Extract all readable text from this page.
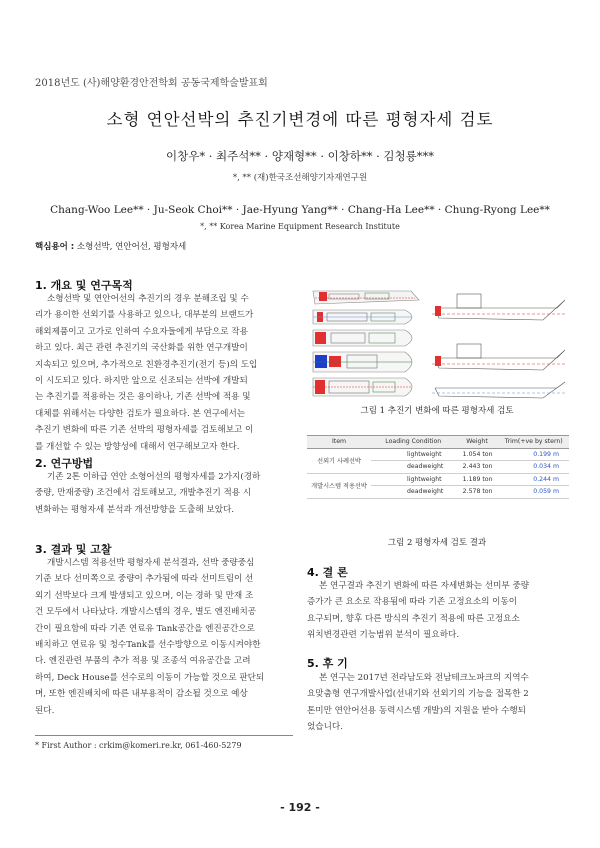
2018년도 (사)해양환경안전학회 공동국제학술발표회
소형 연안선박의 추진기변경에 따른 평형자세 검토
이창우* · 최주석** · 양재형** · 이창하** · 김청룡***
*, ** (재)한국조선해양기자재연구원
Chang-Woo Lee** · Ju-Seok Choi** · Jae-Hyung Yang** · Chang-Ha Lee** · Chung-Ryong Lee**
*, ** Korea Marine Equipment Research Institute
핵심용어 : 소형선박, 연안어선, 평형자세
1. 개요 및 연구목적
소형선박 및 연안어선의 추진기의 경우 분해조립 및 수
리가 용이한 선외기를 사용하고 있으나, 대부분의 브랜드가
해외제품이고 고가로 인하여 수요자들에게 부담으로 작용
하고 있다. 최근 관련 추진기의 국산화를 위한 연구개발이
지속되고 있으며, 추가적으로 친환경추진기(전기 등)의 도입
이 시도되고 있다. 하지만 앞으로 신조되는 선박에 개발되
는 추진기를 적용하는 것은 용이하나, 기존 선박에 적용 및
대체를 위해서는 다양한 검토가 필요하다. 본 연구에서는
추진기 변화에 따른 기존 선박의 평형자세를 검토해보고 이
를 개선할 수 있는 방향성에 대해서 연구해보고자 한다.
2. 연구방법
기존 2톤 이하급 연안 소형어선의 평형자세를 2가지(경하
중량, 만재중량) 조건에서 검토해보고, 개발추진기 적용 시
변화하는 평형자세 분석과 개선방향을 도출해 보았다.
3. 결과 및 고찰
개발시스템 적용선박 평형자세 분석결과, 선박 중량중심
기준 보다 선미쪽으로 중량이 추가됨에 따라 선미트림이 선
외기 선박보다 크게 발생되고 있으며, 이는 경하 및 만재 조
건 모두에서 나타났다. 개발시스템의 경우, 별도 엔진배치공
간이 필요함에 따라 기존 연료유 Tank공간을 엔진공간으로
배치하고 연료유 및 청수Tank를 선수방향으로 이동시켜야한
다. 엔진관련 부품의 추가 적용 및 조종석 여유공간을 고려
하여, Deck House를 선수로의 이동이 가능할 것으로 판단되
며, 또한 엔진배치에 따른 내부용적이 감소될 것으로 예상
된다.
그림 1 추진기 변화에 따른 평형자세 검토
Item	Loading Condition	Weight	Trim(+ve by stern)
선외기 사례선박	lightweight	1.054 ton	0.199 m
	deadweight	2.443 ton	0.034 m
개발시스템 적용선박	lightweight	1.189 ton	0.244 m
	deadweight	2.578 ton	0.059 m
그림 2 평형자세 검토 결과
4. 결 론
본 연구결과 추진기 변화에 따른 자세변화는 선미부 중량
증가가 큰 요소로 작용됨에 따라 기존 고정요소의 이동이
요구되며, 향후 다른 방식의 추진기 적용에 따른 고정요소
위치변경관련 기능범위 분석이 필요하다.
5. 후 기
본 연구는 2017년 전라남도와 전남테크노파크의 지역수
요맞춤형 연구개발사업(선내기와 선외기의 기능을 접목한 2
톤미만 연안어선용 동력시스템 개발)의 지원을 받아 수행되
었습니다.
* First Author : crkim@komeri.re.kr, 061-460-5279
- 192 -
